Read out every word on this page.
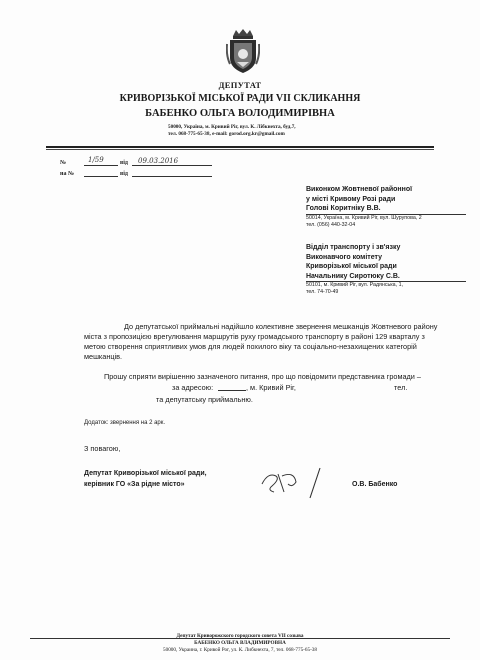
ДЕПУТАТ
КРИВОРІЗЬКОЇ МІСЬКОЇ РАДИ VII СКЛИКАННЯ
БАБЕНКО ОЛЬГА ВОЛОДИМИРІВНА
50000, Україна, м. Кривий Ріг, вул. К. Лібкнехта, буд.7,
тел. 068-775-65-38, e-mail: gorod.org.kr@gmail.com
№	1/59	від 09.03.2016
на №	від
Виконком Жовтневої районної
у місті Кривому Розі ради
Голові Коритнiку В.В.
50014, Україна, м. Кривий Ріг, вул. Шурупова, 2
тел. (056) 440-32-04
Відділ транспорту і зв'язку
Виконавчого комітету
Криворізької міської ради
Начальнику Сиротюку С.В.
50101, м. Кривий Ріг, вул. Радянська, 1,
тел. 74-70-49
До депутатської приймальні надійшло колективне звернення мешканців Жовтневого району
міста з пропозицією врегулювання маршрутів руху громадського транспорту в районі 129 кварталу з
метою створення сприятливих умов для людей похилого віку та соціально-незахищених категорій
мешканців.
Прошу сприяти вирішенню зазначеного питання, про що повідомити представника громади –
за адресою:	, м. Кривий Ріг,	тел.
та депутатську приймальню.
Додаток: звернення на 2 арк.
З повагою,
Депутат Криворізької міської ради,
керівник ГО «За рідне місто»	О.В. Бабенко
Депутат Криворожского городского совета VII созыва
БАБЕНКО ОЛЬГА ВЛАДИМИРОВНА
50000, Украина, г. Кривой Рог, ул. К. Либкнехта, 7, тел. 068-775-65-38
